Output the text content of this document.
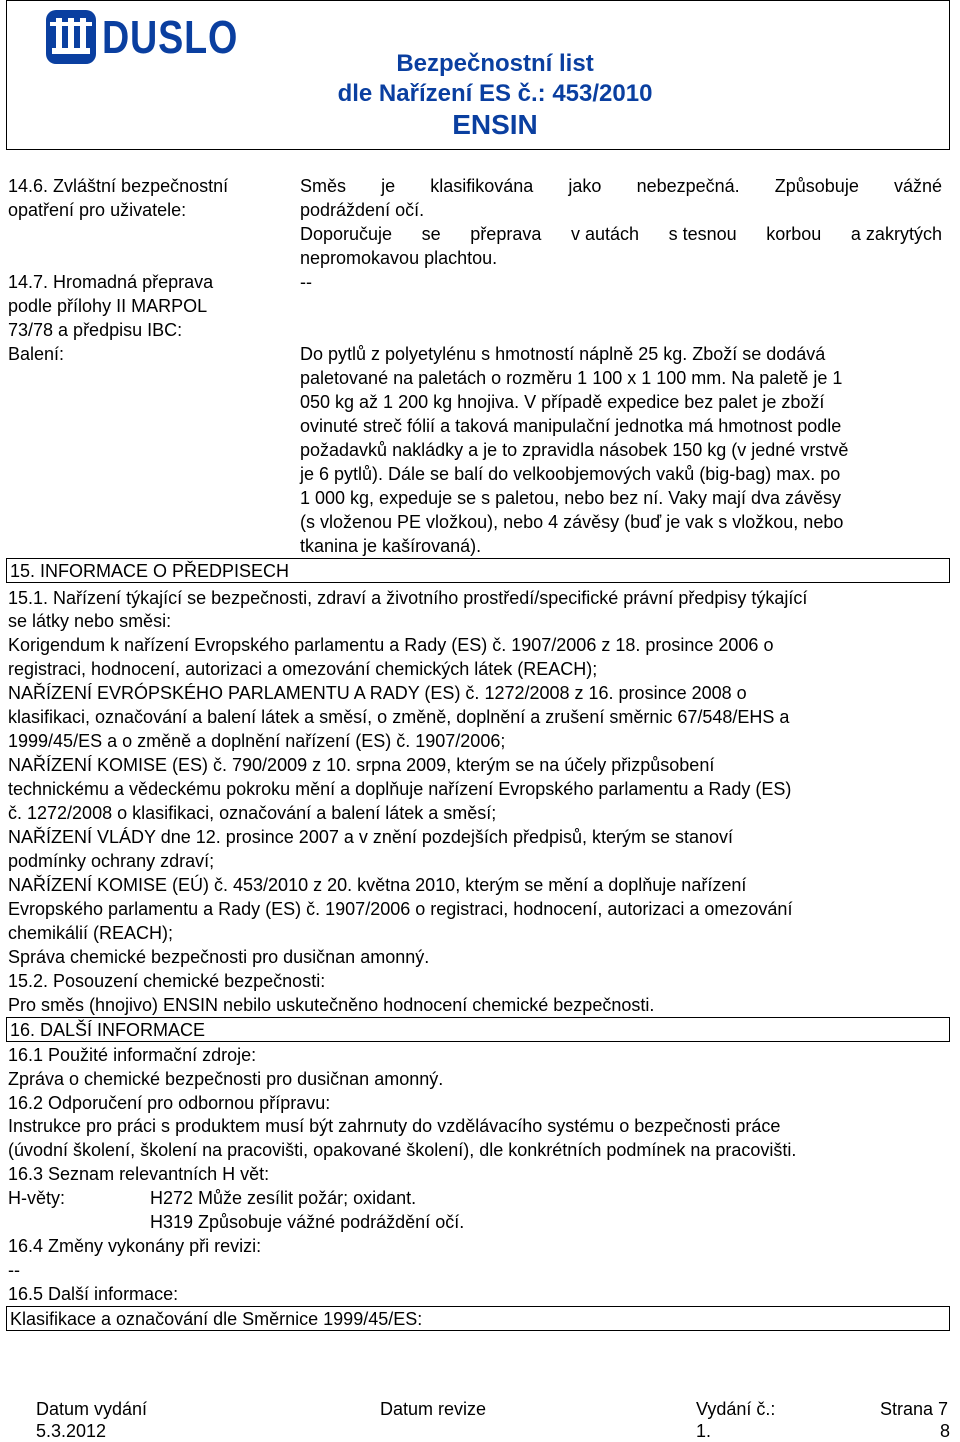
DUSLO
Bezpečnostní list
dle Nařízení ES č.: 453/2010
ENSIN
14.6. Zvláštní bezpečnostní
opatření pro uživatele:
Směs je klasifikována jako nebezpečná. Způsobuje vážné
podráždení očí.
Doporučuje se přeprava v autách s tesnou korbou a zakrytých
nepromokavou plachtou.
14.7. Hromadná přeprava
podle přílohy II MARPOL
73/78 a předpisu IBC:
--
Balení:	Do pytlů z polyetylénu s hmotností náplně 25 kg. Zboží se dodává
paletované na paletách o rozměru 1 100 x 1 100 mm. Na paletě je 1
050 kg až 1 200 kg hnojiva. V případě expedice bez palet je zboží
ovinuté streč fólií a taková manipulační jednotka má hmotnost podle
požadavků nakládky a je to zpravidla násobek 150 kg (v jedné vrstvě
je 6 pytlů). Dále se balí do velkoobjemových vaků (big-bag) max. po
1 000 kg, expeduje se s paletou, nebo bez ní. Vaky mají dva závěsy
(s vloženou PE vložkou), nebo 4 závěsy (buď je vak s vložkou, nebo
tkanina je kašírovaná).
15. INFORMACE O PŘEDPISECH
15.1. Nařízení týkající se bezpečnosti, zdraví a životního prostředí/specifické právní předpisy týkající
se látky nebo směsi:
Korigendum k nařízení Evropského parlamentu a Rady (ES) č. 1907/2006 z 18. prosince 2006 o
registraci, hodnocení, autorizaci a omezování chemických látek (REACH);
NAŘÍZENÍ EVRÓPSKÉHO PARLAMENTU A RADY (ES) č. 1272/2008 z 16. prosince 2008 o
klasifikaci, označování a balení látek a směsí, o změně, doplnění a zrušení směrnic 67/548/EHS a
1999/45/ES a o změně a doplnění nařízení (ES) č. 1907/2006;
NAŘÍZENÍ KOMISE (ES) č. 790/2009 z 10. srpna 2009, kterým se na účely přizpůsobení
technickému a vědeckému pokroku mění a doplňuje nařízení Evropského parlamentu a Rady (ES)
č. 1272/2008 o klasifikaci, označování a balení látek a směsí;
NAŘÍZENÍ VLÁDY dne 12. prosince 2007 a v znění pozdejších předpisů, kterým se stanoví
podmínky ochrany zdraví;
NAŘÍZENÍ KOMISE (EÚ) č. 453/2010 z 20. května 2010, kterým se mění a doplňuje nařízení
Evropského parlamentu a Rady (ES) č. 1907/2006 o registraci, hodnocení, autorizaci a omezování
chemikálií (REACH);
Správa chemické bezpečnosti pro dusičnan amonný.
15.2. Posouzení chemické bezpečnosti:
Pro směs (hnojivo) ENSIN nebilo uskutečněno hodnocení chemické bezpečnosti.
16. DALŠÍ INFORMACE
16.1 Použité informační zdroje:
Zpráva o chemické bezpečnosti pro dusičnan amonný.
16.2 Odporučení pro odbornou přípravu:
Instrukce pro práci s produktem musí být zahrnuty do vzdělávacího systému o bezpečnosti práce
(úvodní školení, školení na pracovišti, opakované školení), dle konkrétních podmínek na pracovišti.
16.3 Seznam relevantních H vět:
H-věty:	H272 Může zesílit požár; oxidant.
H319 Způsobuje vážné podráždění očí.
16.4 Změny vykonány při revizi:
--
16.5 Další informace:
Klasifikace a označování dle Směrnice 1999/45/ES:
Datum vydání
5.3.2012
Datum revize	Vydání č.:
1.
Strana 7
8
